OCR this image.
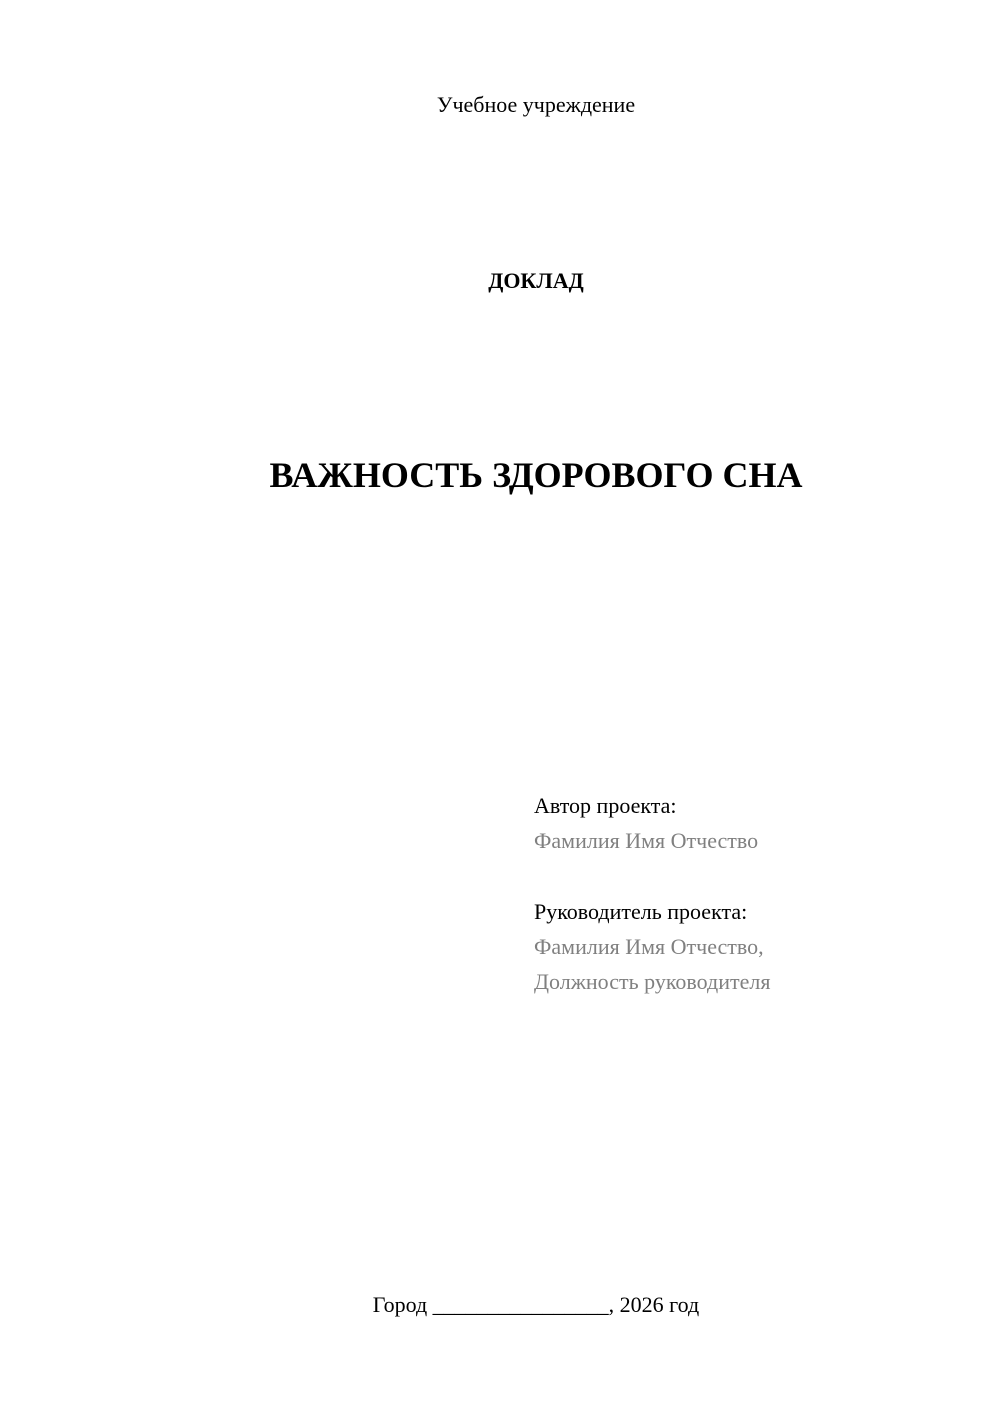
Учебное учреждение
ДОКЛАД
ВАЖНОСТЬ ЗДОРОВОГО СНА
Автор проекта:
Фамилия Имя Отчество
Руководитель проекта:
Фамилия Имя Отчество,
Должность руководителя
Город ________________, 2026 год
